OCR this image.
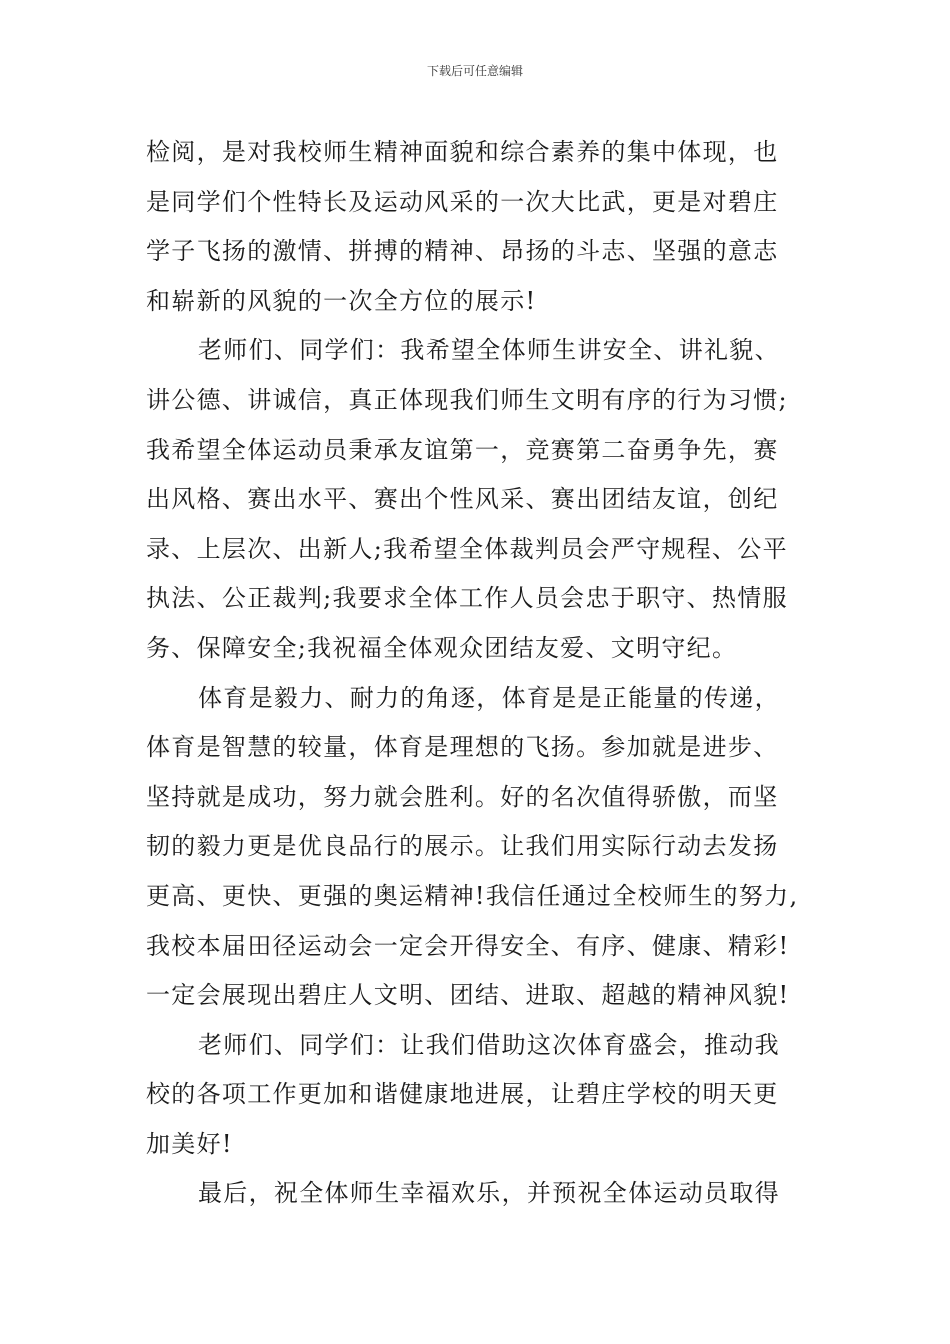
下载后可任意编辑
检阅，是对我校师生精神面貌和综合素养的集中体现，也
是同学们个性特长及运动风采的一次大比武，更是对碧庄
学子飞扬的激情、拼搏的精神、昂扬的斗志、坚强的意志
和崭新的风貌的一次全方位的展示!
老师们、同学们：我希望全体师生讲安全、讲礼貌、
讲公德、讲诚信，真正体现我们师生文明有序的行为习惯;
我希望全体运动员秉承友谊第一，竞赛第二奋勇争先，赛
出风格、赛出水平、赛出个性风采、赛出团结友谊，创纪
录、上层次、出新人;我希望全体裁判员会严守规程、公平
执法、公正裁判;我要求全体工作人员会忠于职守、热情服
务、保障安全;我祝福全体观众团结友爱、文明守纪。
体育是毅力、耐力的角逐，体育是是正能量的传递，
体育是智慧的较量，体育是理想的飞扬。参加就是进步、
坚持就是成功，努力就会胜利。好的名次值得骄傲，而坚
韧的毅力更是优良品行的展示。让我们用实际行动去发扬
更高、更快、更强的奥运精神!我信任通过全校师生的努力,
我校本届田径运动会一定会开得安全、有序、健康、精彩!
一定会展现出碧庄人文明、团结、进取、超越的精神风貌!
老师们、同学们：让我们借助这次体育盛会，推动我
校的各项工作更加和谐健康地进展，让碧庄学校的明天更
加美好!
最后，祝全体师生幸福欢乐，并预祝全体运动员取得
